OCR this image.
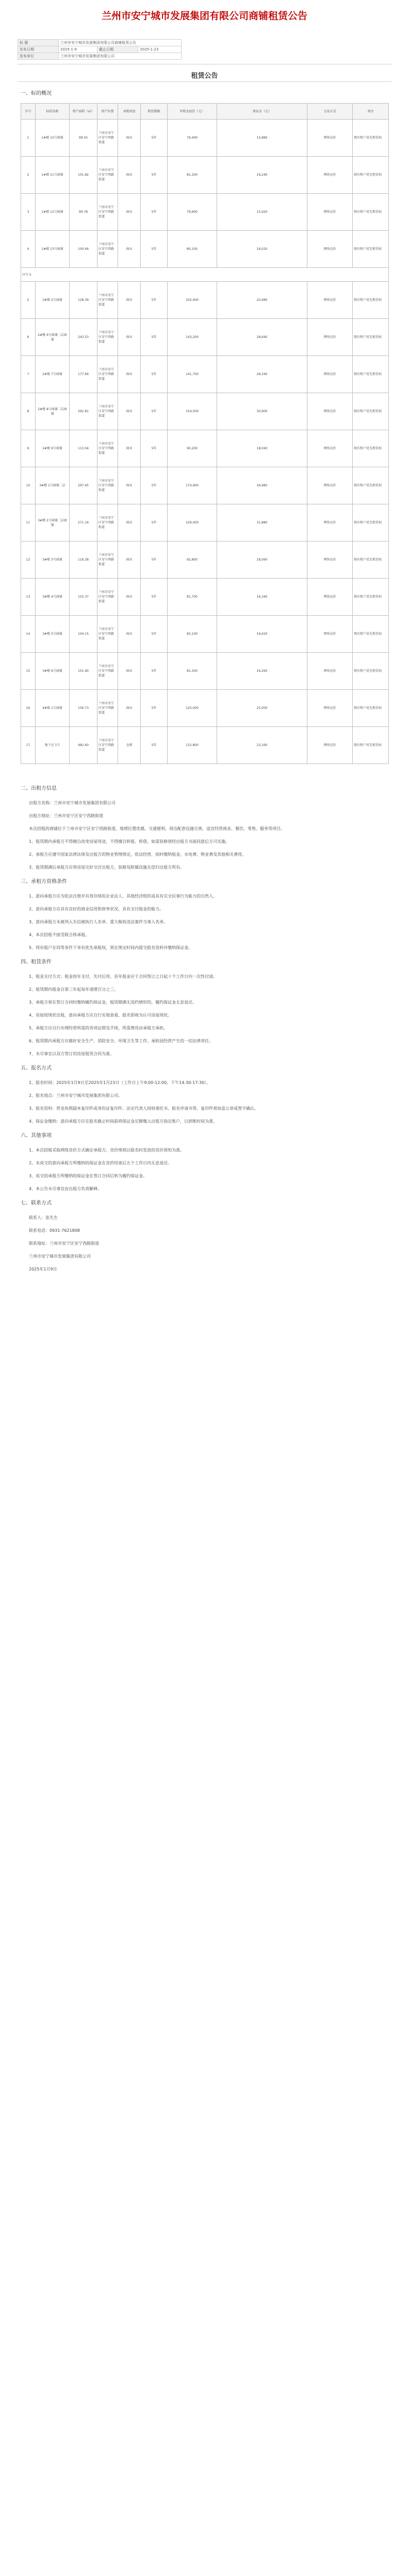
兰州市安宁城市发展集团有限公司商铺租赁公告
标 题	兰州市安宁城市发展集团有限公司商铺租赁公告		
发布日期	2025-1-9	截止日期	2025-1-23
发布单位	兰州市安宁城市发展集团有限公司		
租赁公告
一、标的概况
序号	标的名称	资产面积（㎡）	资产位置	承租用途	租赁期限	年租金底价（元）	保证金（元）	交易方式	备注
1	1#楼 10号商铺	99.55	兰州市安宁区安宁西路街道	商业	5年	79,400	15,880	网络竞价	现有租户优先租赁权
2	1#楼 11号商铺	101.82	兰州市安宁区安宁西路街道	商业	5年	81,200	16,240	网络竞价	现有租户优先租赁权
3	1#楼 12号商铺	99.78	兰州市安宁区安宁西路街道	商业	5年	79,600	15,920	网络竞价	现有租户优先租赁权
4	1#楼 13号商铺	100.46	兰州市安宁区安宁西路街道	商业	5年	80,100	16,020	网络竞价	现有租户优先租赁权
序号 5									
5	2#楼 5号商铺	128.39	兰州市安宁区安宁西路街道	商业	5年	102,400	20,480	网络竞价	现有租户优先租赁权
6	2#楼 6号商铺二层商铺	243.53	兰州市安宁区安宁西路街道	商业	5年	143,200	28,640	网络竞价	现有租户优先租赁权
7	2#楼 7号商铺	177.66	兰州市安宁区安宁西路街道	商业	5年	141,700	28,340	网络竞价	现有租户优先租赁权
8	2#楼 8号商铺二层商铺	262.81	兰州市安宁区安宁西路街道	商业	5年	154,500	30,900	网络竞价	现有租户优先租赁权
9	2#楼 9号商铺	113.04	兰州市安宁区安宁西路街道	商业	5年	90,200	18,040	网络竞价	现有租户优先租赁权
10	3#楼 1号商铺二层	297.45	兰州市安宁区安宁西路街道	商业	5年	174,900	34,980	网络竞价	现有租户优先租赁权
11	3#楼 2号商铺二层商铺	271.16	兰州市安宁区安宁西路街道	商业	5年	159,400	31,880	网络竞价	现有租户优先租赁权
12	3#楼 3号商铺	116.28	兰州市安宁区安宁西路街道	商业	5年	92,800	18,560	网络竞价	现有租户优先租赁权
13	3#楼 4号商铺	102.37	兰州市安宁区安宁西路街道	商业	5年	81,700	16,340	网络竞价	现有租户优先租赁权
14	3#楼 5号商铺	104.15	兰州市安宁区安宁西路街道	商业	5年	83,100	16,620	网络竞价	现有租户优先租赁权
15	3#楼 6号商铺	101.90	兰州市安宁区安宁西路街道	商业	5年	81,300	16,260	网络竞价	现有租户优先租赁权
16	4#楼 1号商铺	156.73	兰州市安宁区安宁西路街道	商业	5年	125,000	25,000	网络竞价	现有租户优先租赁权
17	地下室 1号	482.60	兰州市安宁区安宁西路街道	仓储	5年	115,800	23,160	网络竞价	现有租户优先租赁权

二、出租方信息

出租方名称：兰州市安宁城市发展集团有限公司

出租方地址：兰州市安宁区安宁西路街道

本次招租的商铺位于兰州市安宁区安宁西路街道，地理位置优越，交通便利，周边配套设施完善，适宜经营商业、餐饮、零售、服务等项目。

1、租赁期内承租方不得擅自改变房屋用途，不得擅自转租、转借，如需装修须经出租方书面同意后方可实施。

2、承租方应遵守国家法律法规及出租方的物业管理规定，依法经营，按时缴纳租金、水电费、物业费及其他相关费用。

3、租赁期满后承租方应将房屋完好交还出租方，装修及附属设施无偿归出租方所有。

三、承租方资格条件

1、意向承租方应为依法注册并有效存续的企业法人、其他经济组织或具有完全民事行为能力的自然人。

2、意向承租方应具有良好的商业信用和财务状况，具有支付租金的能力。

3、意向承租方未被列入失信被执行人名单、重大税收违法案件当事人名单。

4、本次招租不接受联合体承租。

5、现有租户在同等条件下享有优先承租权，须在规定时间内提交报名资料并缴纳保证金。

四、租赁条件

1、租金支付方式：租金按年支付，先付后用，首年租金应于合同签订之日起十个工作日内一次性付清。

2、租赁期内租金自第三年起每年递增百分之三。

3、承租方须在签订合同时缴纳履约保证金，租赁期满无违约情形的，履约保证金无息退还。

4、房屋按现状出租，意向承租方应自行实地查看，报名即视为认可房屋现状。

5、承租方应自行办理经营所需的各项证照及手续，所需费用由承租方承担。

6、租赁期内承租方应做好安全生产、消防安全、环境卫生等工作，承担因经营产生的一切法律责任。

7、未尽事宜以双方签订的房屋租赁合同为准。

五、报名方式

1、报名时间：2025年1月9日至2025年1月23日（工作日上午9:00-12:00，下午14:30-17:30）。

2、报名地点：兰州市安宁城市发展集团有限公司。

3、报名资料：营业执照副本复印件或身份证复印件、法定代表人授权委托书、报名申请书等，复印件须加盖公章或签字确认。

4、保证金缴纳：意向承租方应在报名截止时间前将保证金足额缴入出租方指定账户，以到账时间为准。

六、其他事项

1、本次招租采取网络竞价方式确定承租方，竞价规则以报名时发放的竞价须知为准。

2、未成交的意向承租方所缴纳的保证金在竞价结束后五个工作日内无息退还。

3、成交的承租方所缴纳的保证金在签订合同后转为履约保证金。

4、本公告未尽事宜由出租方负责解释。

七、联系方式

联系人：张先生

联系电话：0931-7621808

联系地址：兰州市安宁区安宁西路街道

兰州市安宁城市发展集团有限公司

2025年1月9日
